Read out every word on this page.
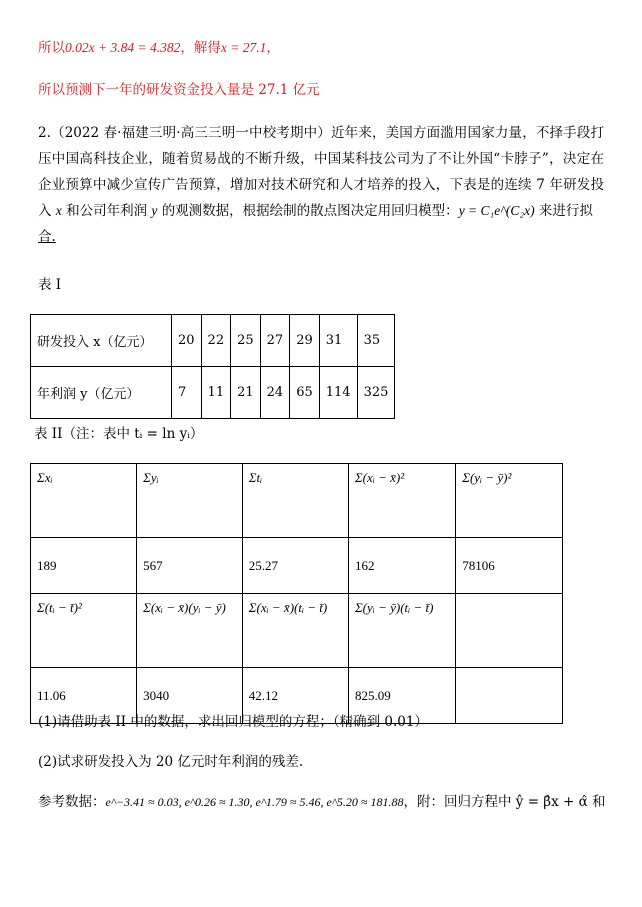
所以0.02x + 3.84 = 4.382，解得x = 27.1，
所以预测下一年的研发资金投入量是 27.1 亿元
2.（2022 春·福建三明·高三三明一中校考期中）近年来，美国方面滥用国家力量，不择手段打压中国高科技企业，随着贸易战的不断升级，中国某科技公司为了不让外国“卡脖子”，决定在企业预算中减少宣传广告预算，增加对技术研究和人才培养的投入，下表是的连续 7 年研发投入 x 和公司年利润 y 的观测数据，根据绘制的散点图决定用回归模型：y = C₁e^(C₂x) 来进行拟
合.
表 I
研发投入 x（亿元）	20	22	25	27	29	31	35
年利润 y（亿元）	7	11	21	24	65	114	325
表 II（注：表中 tᵢ = ln yᵢ）
Σxᵢ	Σyᵢ	Σtᵢ	Σ(xᵢ − x̄)²	Σ(yᵢ − ȳ)²
189	567	25.27	162	78106
Σ(tᵢ − t̄)²	Σ(xᵢ − x̄)(yᵢ − ȳ)	Σ(xᵢ − x̄)(tᵢ − t̄)	Σ(yᵢ − ȳ)(tᵢ − t̄)	
11.06	3040	42.12	825.09	
(1)请借助表 II 中的数据，求出回归模型的方程；（精确到 0.01）
(2)试求研发投入为 20 亿元时年利润的残差.
参考数据：e^−3.41 ≈ 0.03, e^0.26 ≈ 1.30, e^1.79 ≈ 5.46, e^5.20 ≈ 181.88，附：回归方程中 ŷ = β̂x + α̂ 和
